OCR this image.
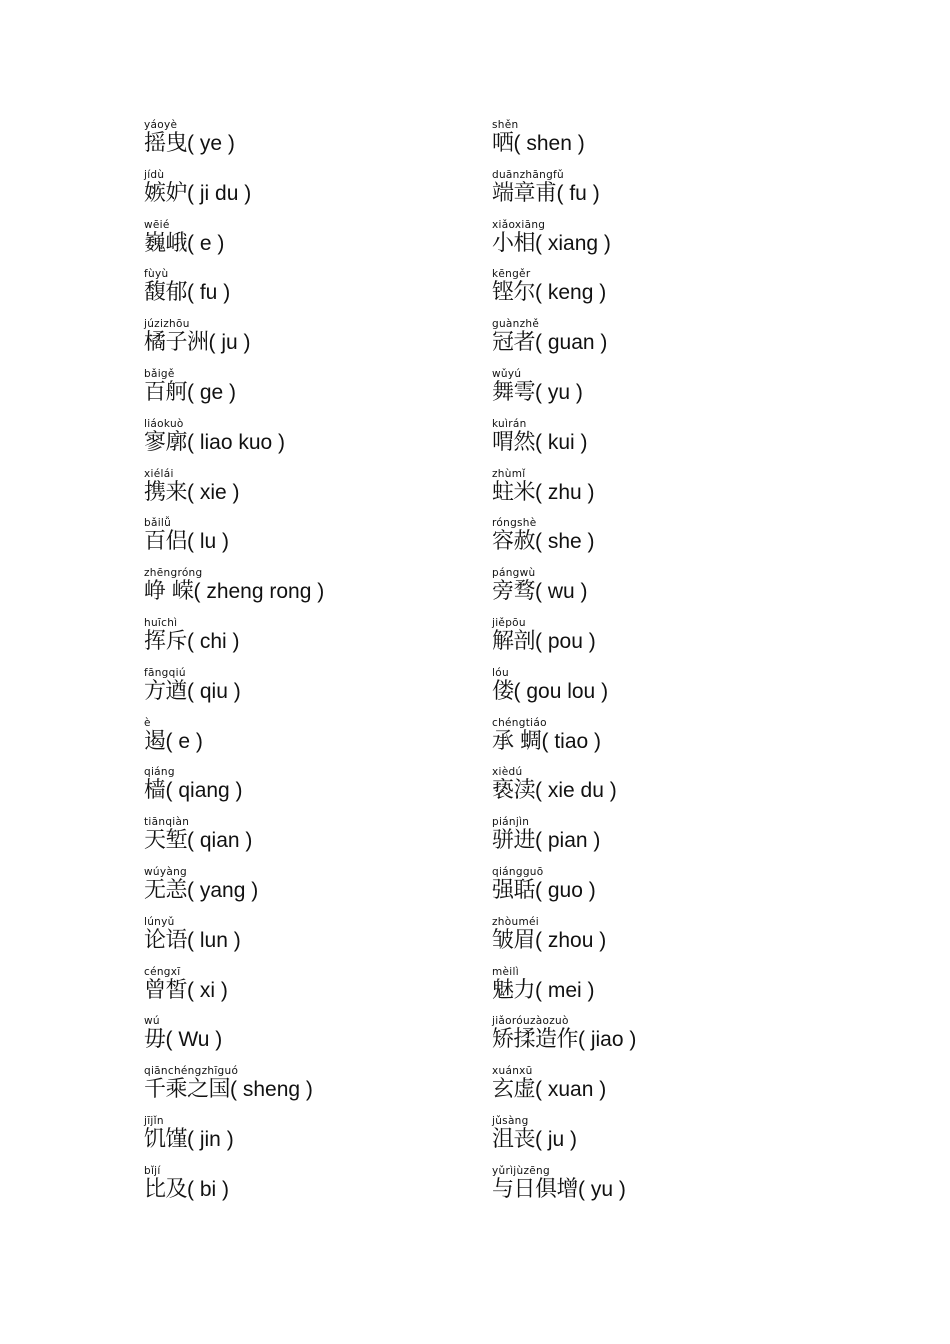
yáoyè
摇曳( ye )
jídù
嫉妒( ji du )
wēié
巍峨( e )
fùyù
馥郁( fu )
júzizhōu
橘子洲( ju )
bǎigě
百舸( ge )
liáokuò
寥廓( liao kuo )
xiélái
携来( xie )
bǎilǚ
百侣( lu )
zhēngróng
峥 嵘( zheng rong )
huīchì
挥斥( chi )
fāngqiú
方遒( qiu )
è
遏( e )
qiáng
樯( qiang )
tiānqiàn
天堑( qian )
wúyàng
无恙( yang )
lúnyǔ
论语( lun )
céngxī
曾皙( xi )
wú
毋( Wu )
qiānchéngzhīguó
千乘之国( sheng )
jījǐn
饥馑( jin )
bǐjí
比及( bi )
shěn
哂( shen )
duānzhāngfǔ
端章甫( fu )
xiǎoxiāng
小相( xiang )
kēngěr
铿尔( keng )
guànzhě
冠者( guan )
wǔyú
舞雩( yu )
kuìrán
喟然( kui )
zhùmǐ
蛀米( zhu )
róngshè
容赦( she )
pángwù
旁骛( wu )
jiěpōu
解剖( pou )
lóu
偻( gou lou )
chéngtiáo
承 蜩( tiao )
xièdú
亵渎( xie du )
piánjìn
骈进( pian )
qiángguō
强聒( guo )
zhòuméi
皱眉( zhou )
mèilì
魅力( mei )
jiǎoróuzàozuò
矫揉造作( jiao )
xuánxū
玄虚( xuan )
jǔsàng
沮丧( ju )
yǔrìjùzēng
与日俱增( yu )
